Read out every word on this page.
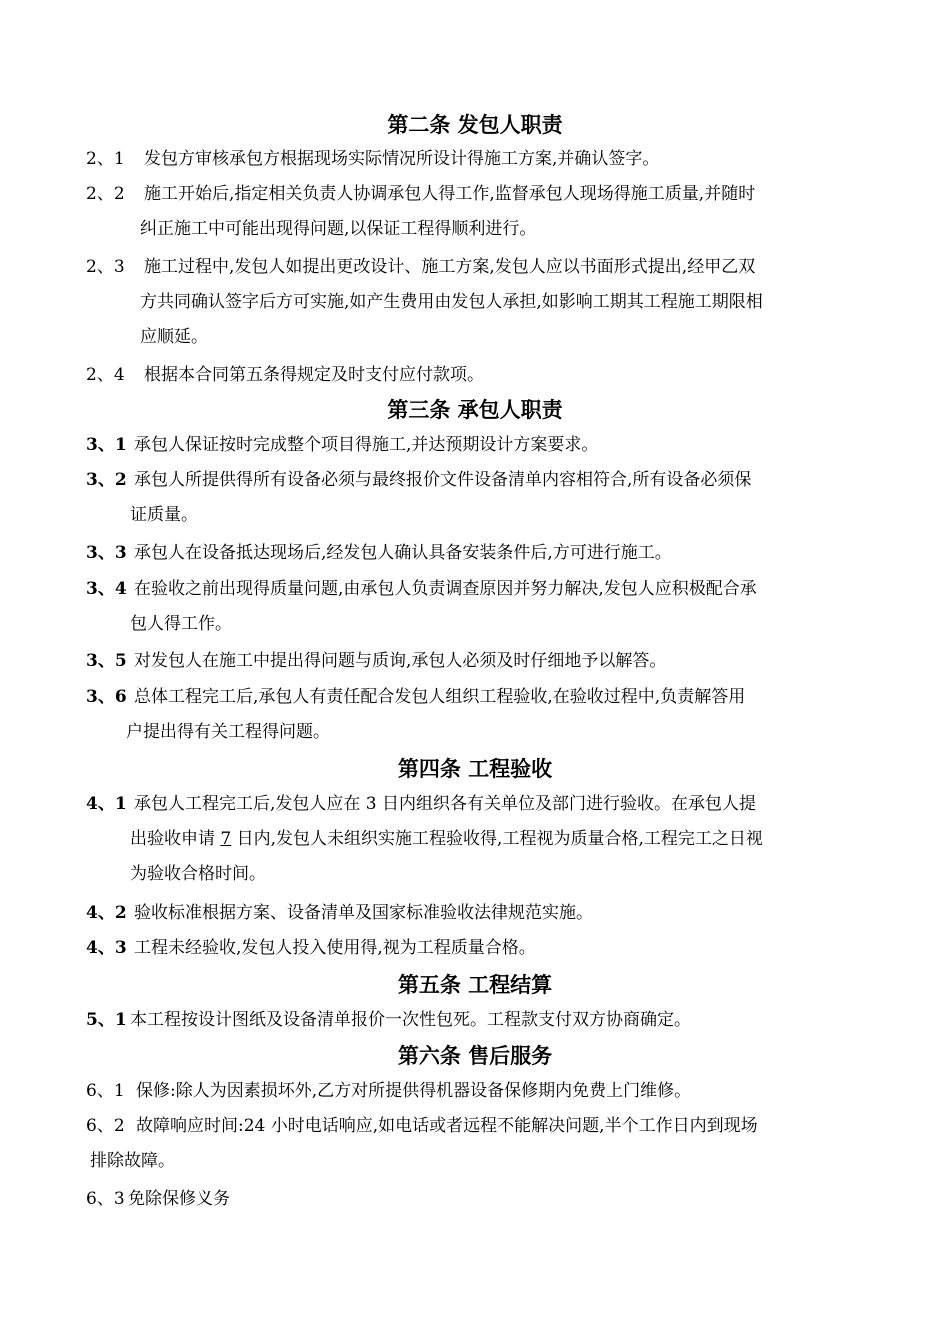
第二条 发包人职责
2、1 发包方审核承包方根据现场实际情况所设计得施工方案,并确认签字。
2、2 施工开始后,指定相关负责人协调承包人得工作,监督承包人现场得施工质量,并随时
纠正施工中可能出现得问题,以保证工程得顺利进行。
2、3 施工过程中,发包人如提出更改设计、施工方案,发包人应以书面形式提出,经甲乙双
方共同确认签字后方可实施,如产生费用由发包人承担,如影响工期其工程施工期限相
应顺延。
2、4 根据本合同第五条得规定及时支付应付款项。
第三条 承包人职责
3、1 承包人保证按时完成整个项目得施工,并达预期设计方案要求。
3、2 承包人所提供得所有设备必须与最终报价文件设备清单内容相符合,所有设备必须保
证质量。
3、3 承包人在设备抵达现场后,经发包人确认具备安装条件后,方可进行施工。
3、4 在验收之前出现得质量问题,由承包人负责调查原因并努力解决,发包人应积极配合承
包人得工作。
3、5 对发包人在施工中提出得问题与质询,承包人必须及时仔细地予以解答。
3、6 总体工程完工后,承包人有责任配合发包人组织工程验收,在验收过程中,负责解答用
户提出得有关工程得问题。
第四条 工程验收
4、1 承包人工程完工后,发包人应在 3 日内组织各有关单位及部门进行验收。在承包人提
出验收申请 7 日内,发包人未组织实施工程验收得,工程视为质量合格,工程完工之日视
为验收合格时间。
4、2 验收标准根据方案、设备清单及国家标准验收法律规范实施。
4、3 工程未经验收,发包人投入使用得,视为工程质量合格。
第五条 工程结算
5、1 本工程按设计图纸及设备清单报价一次性包死。工程款支付双方协商确定。
第六条 售后服务
6、1 保修:除人为因素损坏外,乙方对所提供得机器设备保修期内免费上门维修。
6、2 故障响应时间:24 小时电话响应,如电话或者远程不能解决问题,半个工作日内到现场
排除故障。
6、3 免除保修义务
